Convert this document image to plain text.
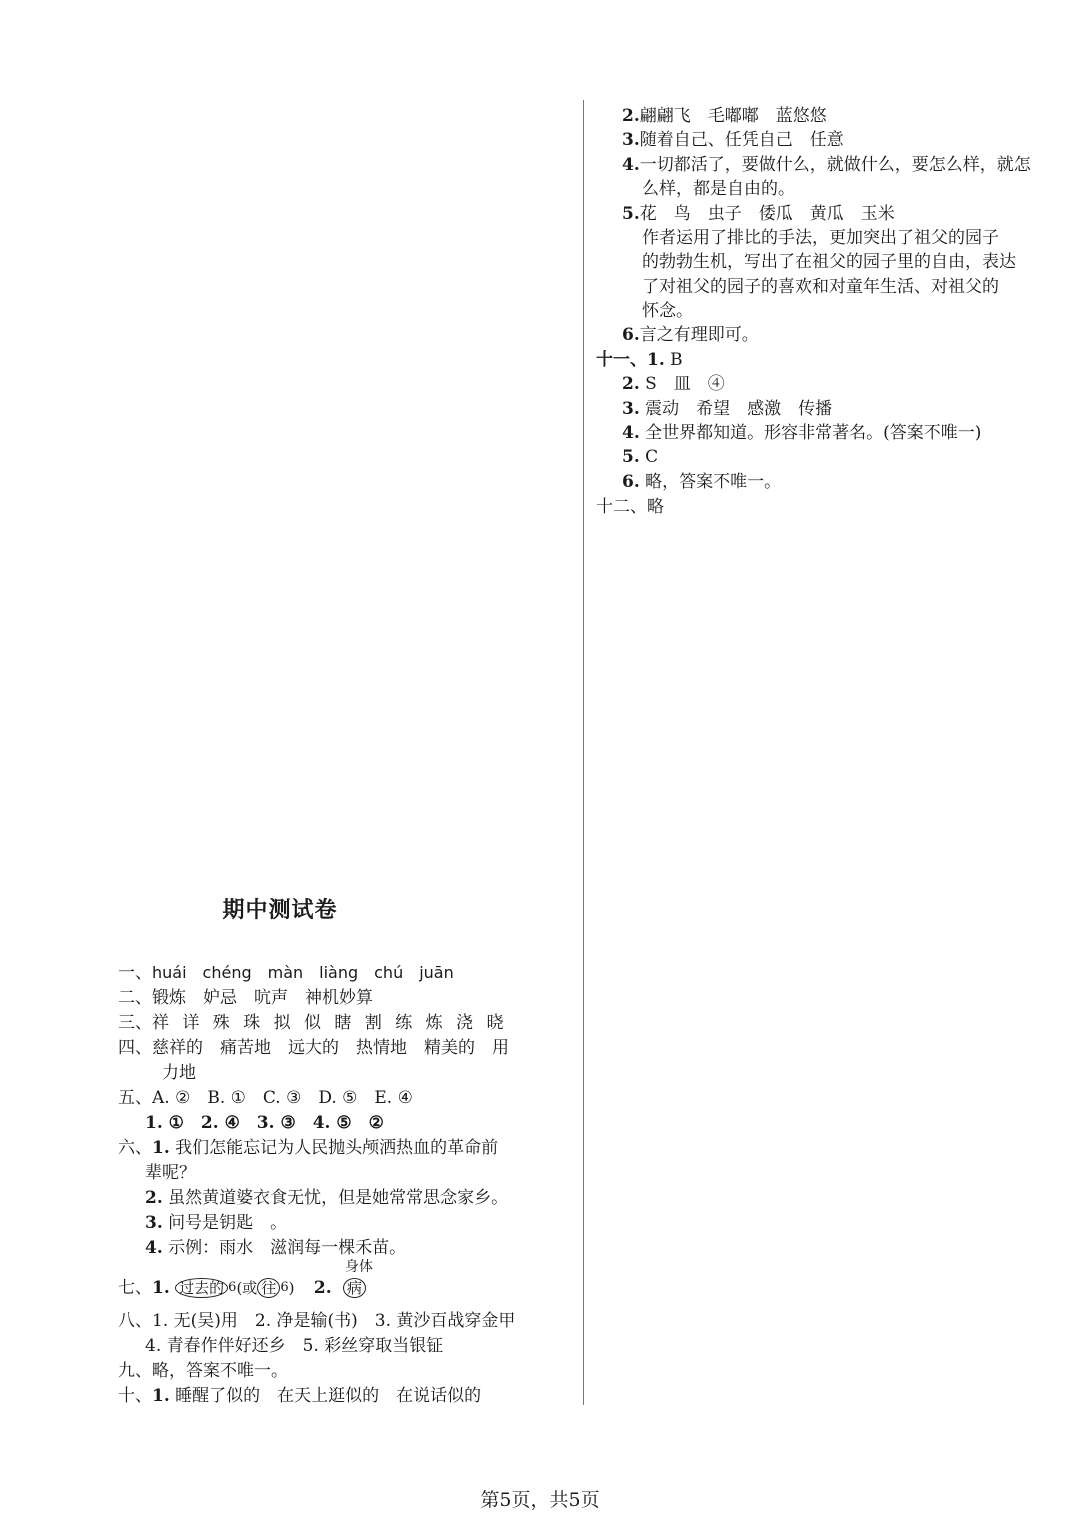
2.翩翩飞　毛嘟嘟　蓝悠悠
3.随着自己、任凭自己　任意
4.一切都活了，要做什么，就做什么，要怎么样，就怎
么样，都是自由的。
5.花　鸟　虫子　倭瓜　黄瓜　玉米
作者运用了排比的手法，更加突出了祖父的园子
的勃勃生机，写出了在祖父的园子里的自由，表达
了对祖父的园子的喜欢和对童年生活、对祖父的
怀念。
6.言之有理即可。
十一、1. B
2. S　皿　④
3. 震动　希望　感激　传播
4. 全世界都知道。形容非常著名。(答案不唯一)
5. C
6. 略，答案不唯一。
十二、略
期中测试卷
一、huái　chéng　màn　liàng　chú　juān
二、锻炼　妒忌　吭声　神机妙算
三、祥 详 殊 珠 拟 似 瞎 割 练 炼 浇 晓
四、慈祥的　痛苦地　远大的　热情地　精美的　用
力地
五、A. ②　B. ①　C. ③　D. ⑤　E. ④
1. ①　2. ④　3. ③　4. ⑤　②
六、1. 我们怎能忘记为人民抛头颅洒热血的革命前
辈呢？
2. 虽然黄道婆衣食无忧，但是她常常思念家乡。
3. 问号是钥匙　。
4. 示例：雨水　滋润每一棵禾苗。
七、1. 过去的 $^6$(或 往 $^6$) 2.
身体
病
八、1. 无(吴)用　2. 净是输(书)　3. 黄沙百战穿金甲
4. 青春作伴好还乡　5. 彩丝穿取当银钲
九、略，答案不唯一。
十、1. 睡醒了似的　在天上逛似的　在说话似的
第5页，共5页
